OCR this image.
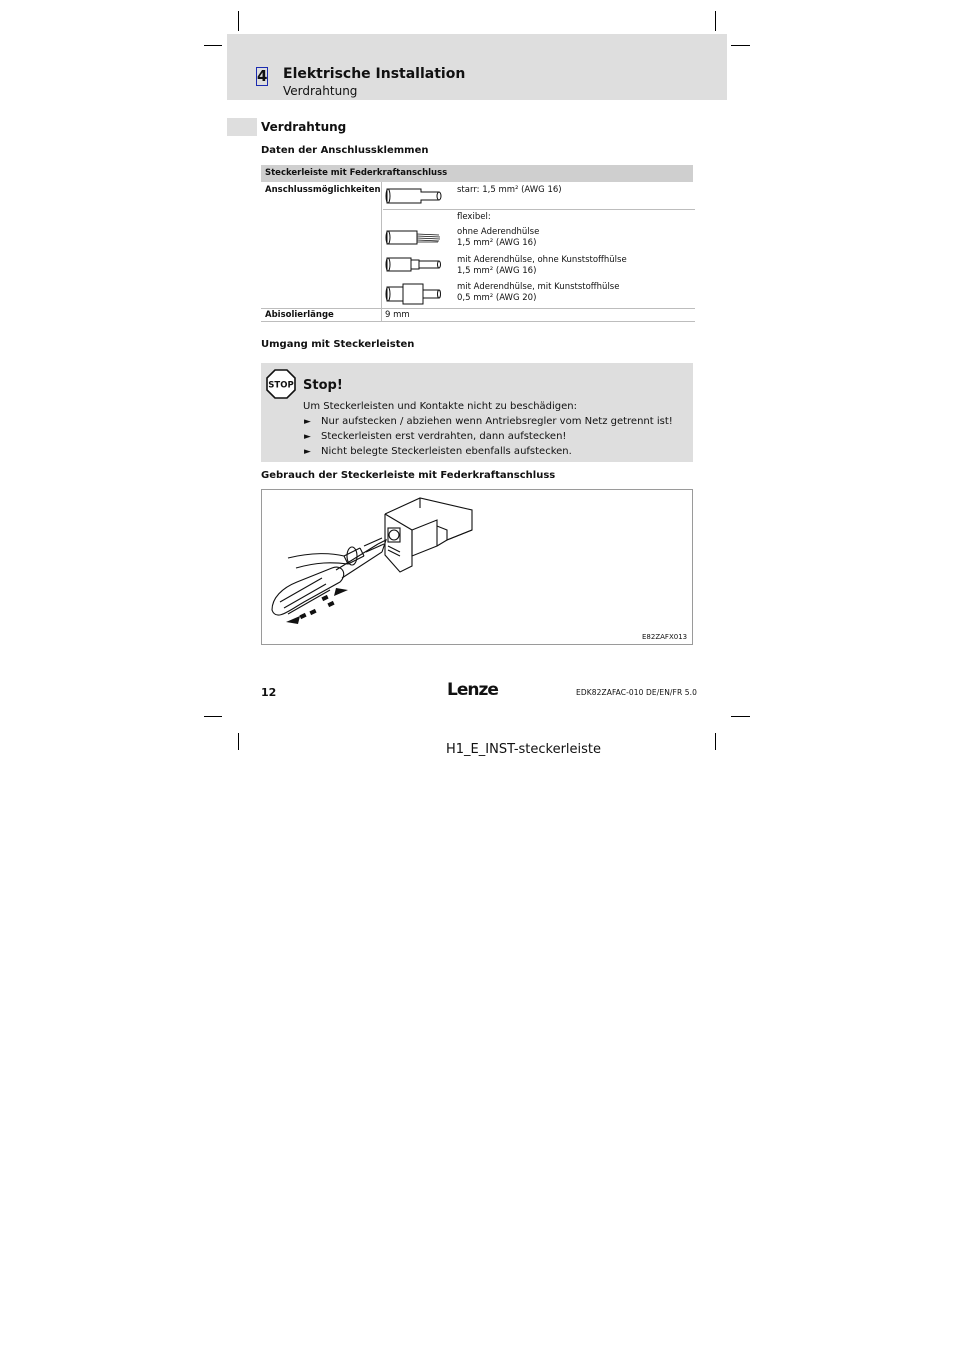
4 Elektrische Installation
Verdrahtung
Verdrahtung
Daten der Anschlussklemmen
Steckerleiste mit Federkraftanschluss
Anschlussmöglichkeiten	starr: 1,5 mm² (AWG 16)
flexibel:
ohne Aderendhülse
1,5 mm² (AWG 16)
mit Aderendhülse, ohne Kunststoffhülse
1,5 mm² (AWG 16)
mit Aderendhülse, mit Kunststoffhülse
0,5 mm² (AWG 20)
Abisolierlänge	9 mm
Umgang mit Steckerleisten
STOP Stop!
Um Steckerleisten und Kontakte nicht zu beschädigen:
► Nur aufstecken / abziehen wenn Antriebsregler vom Netz getrennt ist!
► Steckerleisten erst verdrahten, dann aufstecken!
► Nicht belegte Steckerleisten ebenfalls aufstecken.
Gebrauch der Steckerleiste mit Federkraftanschluss
E82ZAFX013
12	Lenze	EDK82ZAFAC-010 DE/EN/FR 5.0
H1_E_INST-steckerleiste
